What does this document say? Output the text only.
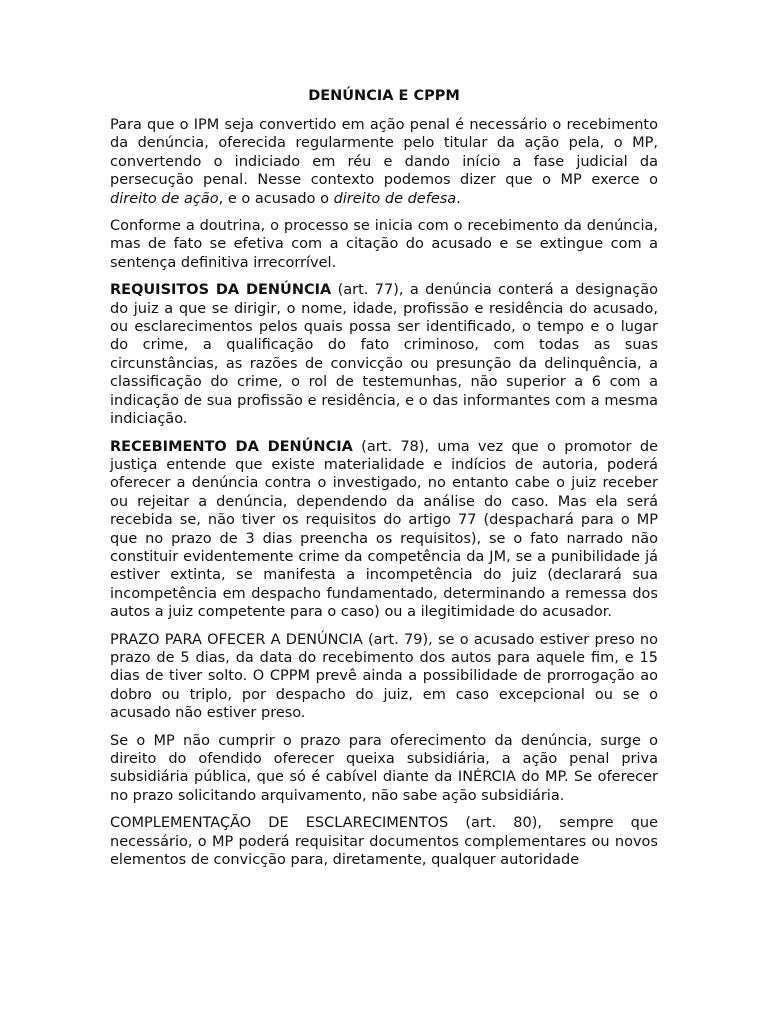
DENÚNCIA E CPPM

Para que o IPM seja convertido em ação penal é necessário o recebimento da denúncia, oferecida regularmente pelo titular da ação pela, o MP, convertendo o indiciado em réu e dando início a fase judicial da persecução penal. Nesse contexto podemos dizer que o MP exerce o direito de ação, e o acusado o direito de defesa.

Conforme a doutrina, o processo se inicia com o recebimento da denúncia, mas de fato se efetiva com a citação do acusado e se extingue com a sentença definitiva irrecorrível.

REQUISITOS DA DENÚNCIA (art. 77), a denúncia conterá a designação do juiz a que se dirigir, o nome, idade, profissão e residência do acusado, ou esclarecimentos pelos quais possa ser identificado, o tempo e o lugar do crime, a qualificação do fato criminoso, com todas as suas circunstâncias, as razões de convicção ou presunção da delinquência, a classificação do crime, o rol de testemunhas, não superior a 6 com a indicação de sua profissão e residência, e o das informantes com a mesma indiciação.

RECEBIMENTO DA DENÚNCIA (art. 78), uma vez que o promotor de justiça entende que existe materialidade e indícios de autoria, poderá oferecer a denúncia contra o investigado, no entanto cabe o juiz receber ou rejeitar a denúncia, dependendo da análise do caso. Mas ela será recebida se, não tiver os requisitos do artigo 77 (despachará para o MP que no prazo de 3 dias preencha os requisitos), se o fato narrado não constituir evidentemente crime da competência da JM, se a punibilidade já estiver extinta, se manifesta a incompetência do juiz (declarará sua incompetência em despacho fundamentado, determinando a remessa dos autos a juiz competente para o caso) ou a ilegitimidade do acusador.

PRAZO PARA OFECER A DENÚNCIA (art. 79), se o acusado estiver preso no prazo de 5 dias, da data do recebimento dos autos para aquele fim, e 15 dias de tiver solto. O CPPM prevê ainda a possibilidade de prorrogação ao dobro ou triplo, por despacho do juiz, em caso excepcional ou se o acusado não estiver preso.

Se o MP não cumprir o prazo para oferecimento da denúncia, surge o direito do ofendido oferecer queixa subsidiária, a ação penal priva subsidiária pública, que só é cabível diante da INÉRCIA do MP. Se oferecer no prazo solicitando arquivamento, não sabe ação subsidiária.

COMPLEMENTAÇÃO DE ESCLARECIMENTOS (art. 80), sempre que necessário, o MP poderá requisitar documentos complementares ou novos elementos de convicção para, diretamente, qualquer autoridade
